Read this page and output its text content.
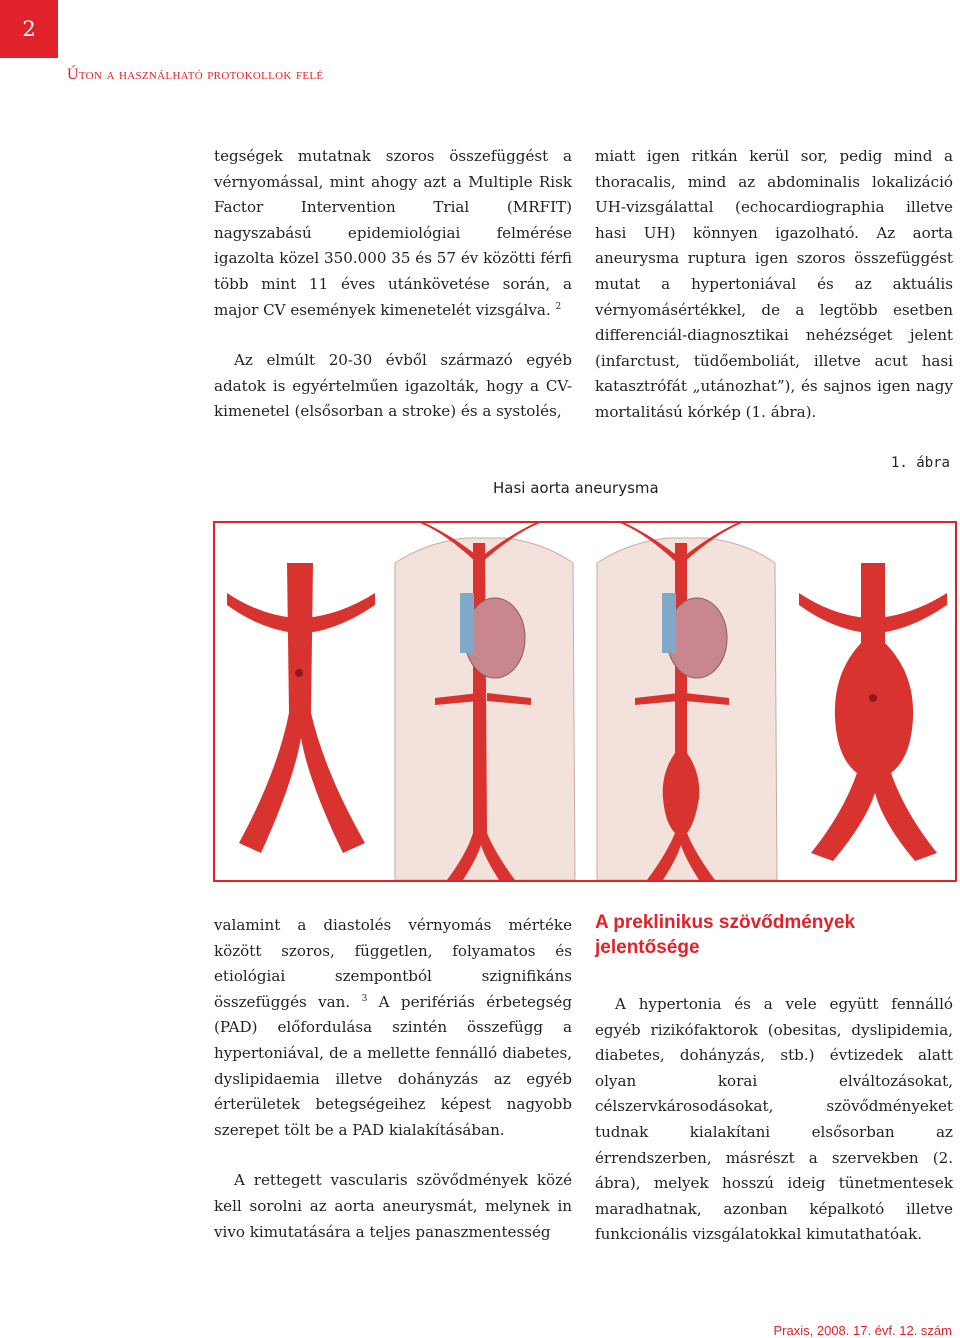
2
Úton a használható protokollok felé

tegségek mutatnak szoros összefüggést a vérnyomással, mint ahogy azt a Multiple Risk Factor Intervention Trial (MRFIT) nagyszabású epidemiológiai felmérése igazolta közel 350.000 35 és 57 év közötti férfi több mint 11 éves utánkövetése során, a major CV események kimenetelét vizsgálva. $^2$

Az elmúlt 20-30 évből származó egyéb adatok is egyértelműen igazolták, hogy a CV-kimenetel (elsősorban a stroke) és a systolés,

miatt igen ritkán kerül sor, pedig mind a thoracalis, mind az abdominalis lokalizáció UH-vizsgálattal (echocardiographia illetve hasi UH) könnyen igazolható. Az aorta aneurysma ruptura igen szoros összefüggést mutat a hypertoniával és az aktuális vérnyomásértékkel, de a legtöbb esetben differenciál-diagnosztikai nehézséget jelent (infarctust, tüdőemboliát, illetve acut hasi katasztrófát „utánozhat”), és sajnos igen nagy mortalitású kórkép (1. ábra).

1. ábra
Hasi aorta aneurysma

valamint a diastolés vérnyomás mértéke között szoros, független, folyamatos és etiológiai szempontból szignifikáns összefüggés van. $^3$ A perifériás érbetegség (PAD) előfordulása szintén összefügg a hypertoniával, de a mellette fennálló diabetes, dyslipidaemia illetve dohányzás az egyéb érterületek betegségeihez képest nagyobb szerepet tölt be a PAD kialakításában.

A rettegett vascularis szövődmények közé kell sorolni az aorta aneurysmát, melynek in vivo kimutatására a teljes panaszmentesség

A preklinikus szövődmények jelentősége

A hypertonia és a vele együtt fennálló egyéb rizikófaktorok (obesitas, dyslipidemia, diabetes, dohányzás, stb.) évtizedek alatt olyan korai elváltozásokat, célszervkárosodásokat, szövődményeket tudnak kialakítani elsősorban az érrendszerben, másrészt a szervekben (2. ábra), melyek hosszú ideig tünetmentesek maradhatnak, azonban képalkotó illetve funkcionális vizsgálatokkal kimutathatóak.

Praxis, 2008. 17. évf. 12. szám
